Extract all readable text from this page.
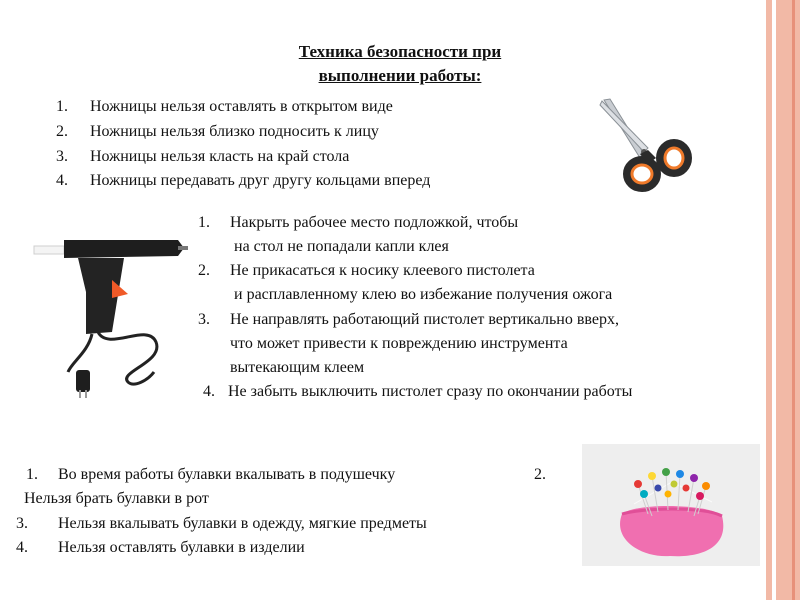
Техника безопасности при
выполнении работы:
1. Ножницы нельзя оставлять в открытом виде
2. Ножницы нельзя близко подносить к лицу
3. Ножницы нельзя класть на край стола
4. Ножницы передавать друг другу кольцами вперед
1. Накрыть рабочее место подложкой, чтобы
на стол не попадали капли клея
2. Не прикасаться к носику клеевого пистолета
и расплавленному клею во избежание получения ожога
3. Не направлять работающий пистолет вертикально вверх,
что может привести к повреждению инструмента
вытекающим клеем
4. Не забыть выключить пистолет сразу по окончании работы
1. Во время работы булавки вкалывать в подушечку	2.
Нельзя брать булавки в рот
3. Нельзя вкалывать булавки в одежду, мягкие предметы
4. Нельзя оставлять булавки в изделии
